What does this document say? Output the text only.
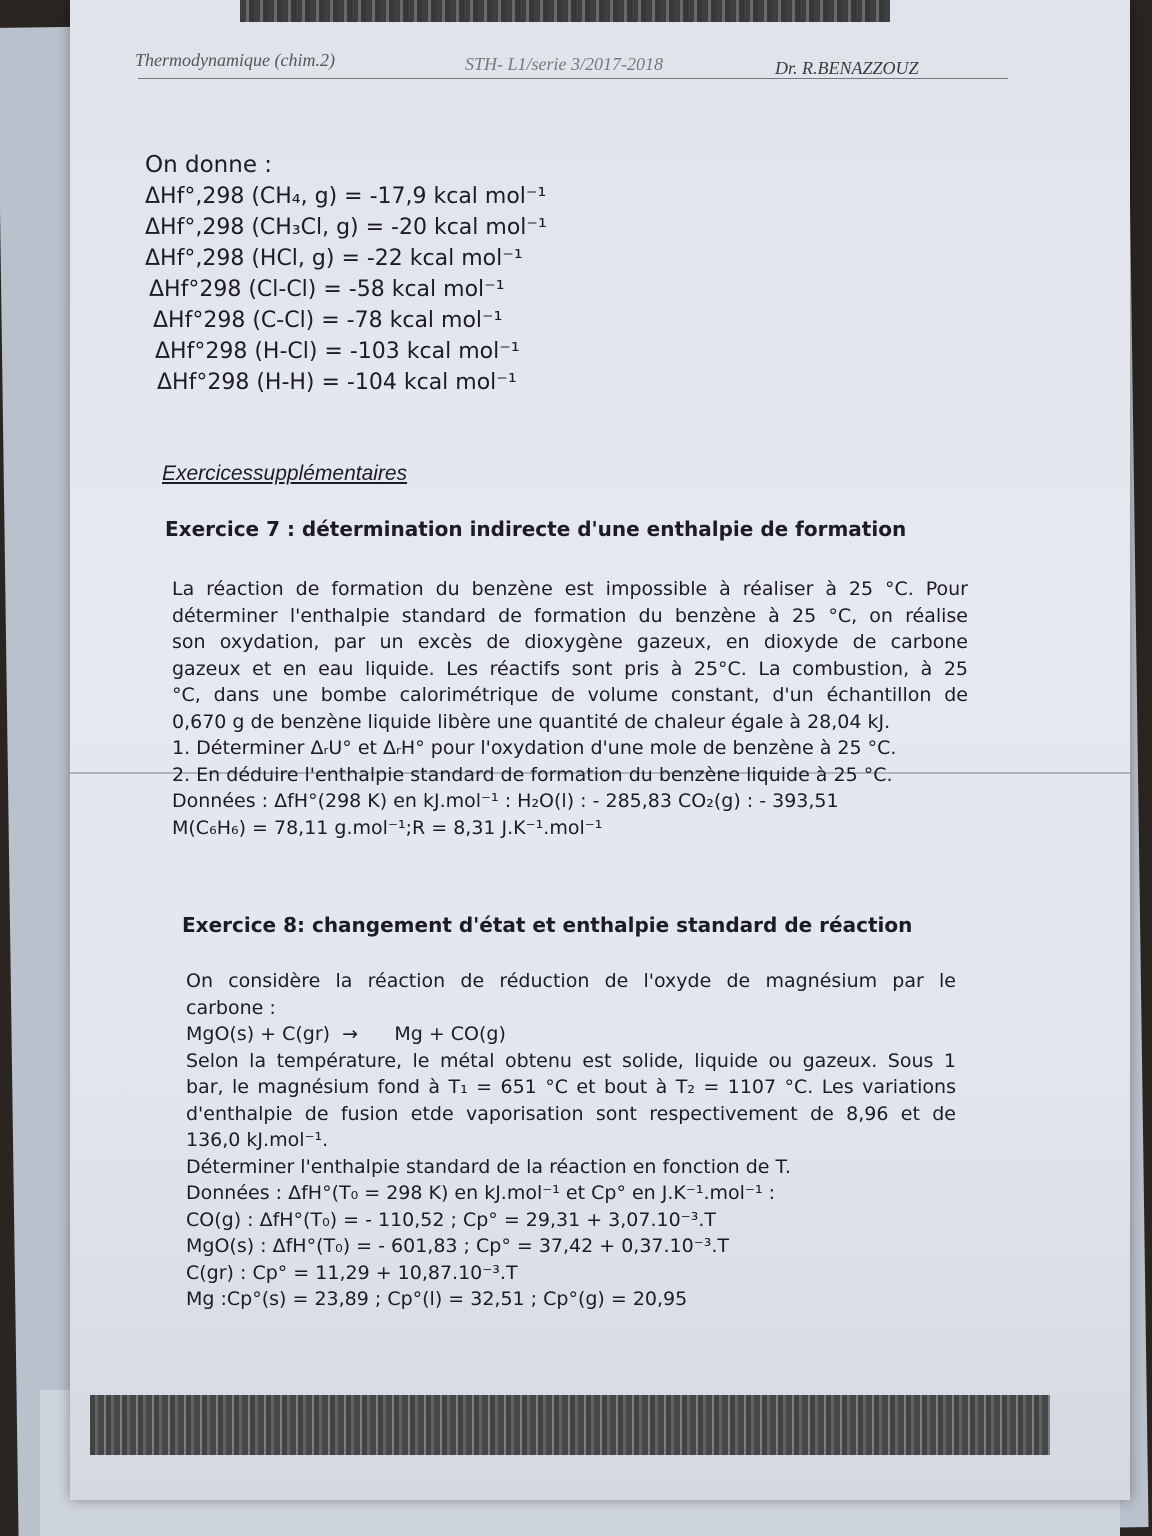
Thermodynamique (chim.2)	STH- L1/serie 3/2017-2018	Dr. R.BENAZZOUZ

On donne :

ΔHf°,298 (CH₄, g) = -17,9 kcal mol⁻¹

ΔHf°,298 (CH₃Cl, g) = -20 kcal mol⁻¹

ΔHf°,298 (HCl, g) = -22 kcal mol⁻¹

ΔHf°298 (Cl-Cl) = -58 kcal mol⁻¹

ΔHf°298 (C-Cl) = -78 kcal mol⁻¹

ΔHf°298 (H-Cl) = -103 kcal mol⁻¹

ΔHf°298 (H-H) = -104 kcal mol⁻¹

Exercicessupplémentaires
Exercice 7 : détermination indirecte d'une enthalpie de formation

La réaction de formation du benzène est impossible à réaliser à 25 °C. Pour

déterminer l'enthalpie standard de formation du benzène à 25 °C, on réalise

son oxydation, par un excès de dioxygène gazeux, en dioxyde de carbone

gazeux et en eau liquide. Les réactifs sont pris à 25°C. La combustion, à 25

°C, dans une bombe calorimétrique de volume constant, d'un échantillon de

0,670 g de benzène liquide libère une quantité de chaleur égale à 28,04 kJ.

1. Déterminer ΔᵣU° et ΔᵣH° pour l'oxydation d'une mole de benzène à 25 °C.

2. En déduire l'enthalpie standard de formation du benzène liquide à 25 °C.

Données : ΔfH°(298 K) en kJ.mol⁻¹ : H₂O(l) : - 285,83 CO₂(g) : - 393,51

M(C₆H₆) = 78,11 g.mol⁻¹;R = 8,31 J.K⁻¹.mol⁻¹

Exercice 8: changement d'état et enthalpie standard de réaction

On considère la réaction de réduction de l'oxyde de magnésium par le

carbone :

MgO(s) + C(gr)  →      Mg + CO(g)

Selon la température, le métal obtenu est solide, liquide ou gazeux. Sous 1

bar, le magnésium fond à T₁ = 651 °C et bout à T₂ = 1107 °C. Les variations

d'enthalpie de fusion etde vaporisation sont respectivement de 8,96 et de

136,0 kJ.mol⁻¹.

Déterminer l'enthalpie standard de la réaction en fonction de T.

Données : ΔfH°(T₀ = 298 K) en kJ.mol⁻¹ et Cp° en J.K⁻¹.mol⁻¹ :

CO(g) : ΔfH°(T₀) = - 110,52 ; Cp° = 29,31 + 3,07.10⁻³.T

MgO(s) : ΔfH°(T₀) = - 601,83 ; Cp° = 37,42 + 0,37.10⁻³.T

C(gr) : Cp° = 11,29 + 10,87.10⁻³.T

Mg :Cp°(s) = 23,89 ; Cp°(l) = 32,51 ; Cp°(g) = 20,95
